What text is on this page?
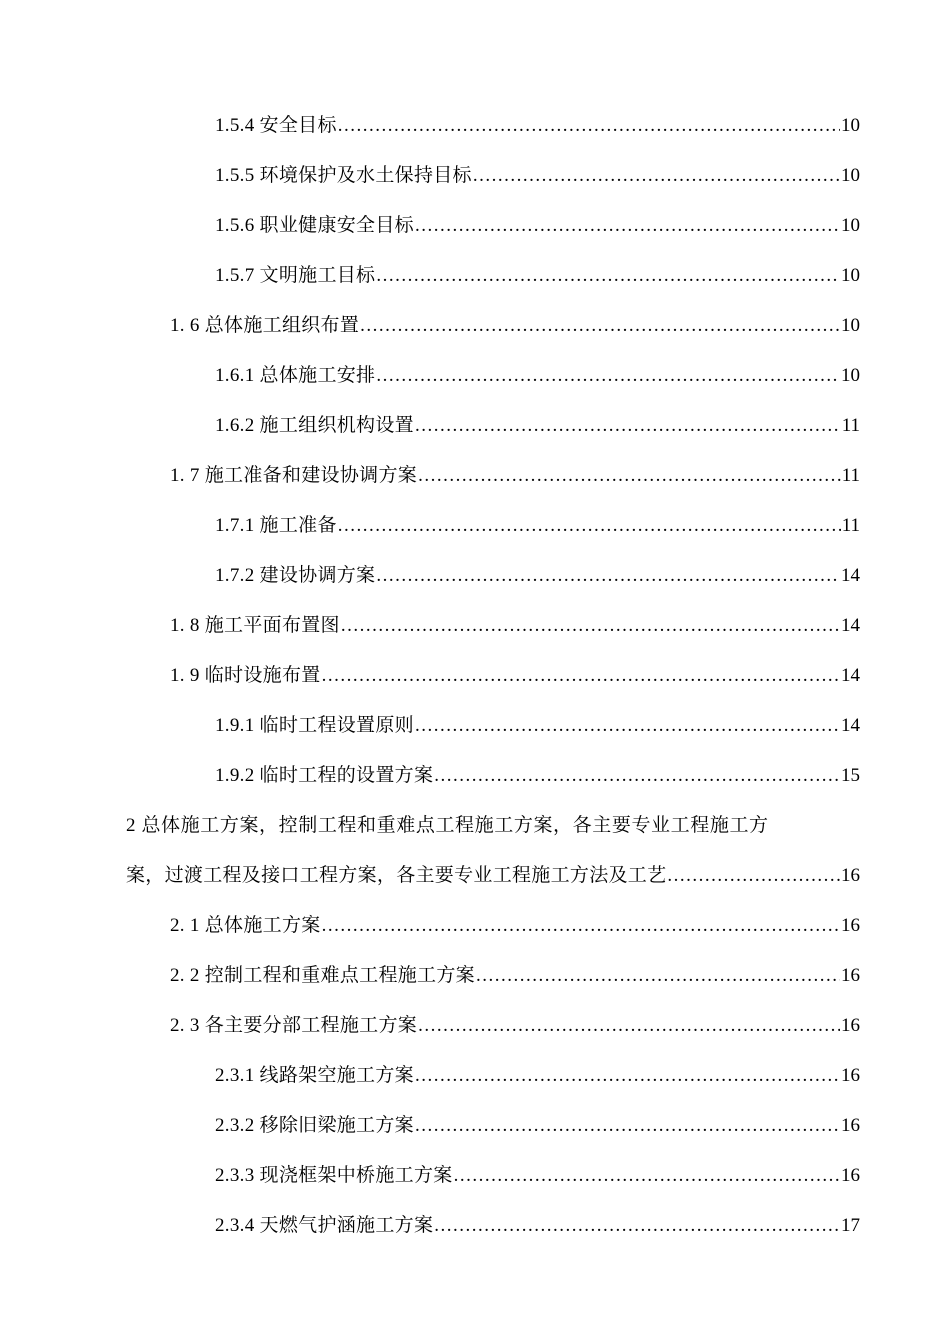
1.5.4 安全目标 .....	10
1.5.5 环境保护及水土保持目标 .....	10
1.5.6 职业健康安全目标 .....	10
1.5.7 文明施工目标 .....	10
1. 6 总体施工组织布置 .....	10
1.6.1 总体施工安排 .....	10
1.6.2 施工组织机构设置 .....	11
1. 7 施工准备和建设协调方案 .....	11
1.7.1 施工准备 .....	11
1.7.2 建设协调方案 .....	14
1. 8 施工平面布置图 .....	14
1. 9 临时设施布置 .....	14
1.9.1 临时工程设置原则 .....	14
1.9.2 临时工程的设置方案 .....	15
2 总体施工方案，控制工程和重难点工程施工方案，各主要专业工程施工方
案，过渡工程及接口工程方案，各主要专业工程施工方法及工艺 .....	16
2. 1 总体施工方案 .....	16
2. 2 控制工程和重难点工程施工方案 .....	16
2. 3 各主要分部工程施工方案 .....	16
2.3.1 线路架空施工方案 .....	16
2.3.2 移除旧梁施工方案 .....	16
2.3.3 现浇框架中桥施工方案 .....	16
2.3.4 天燃气护涵施工方案 .....	17
